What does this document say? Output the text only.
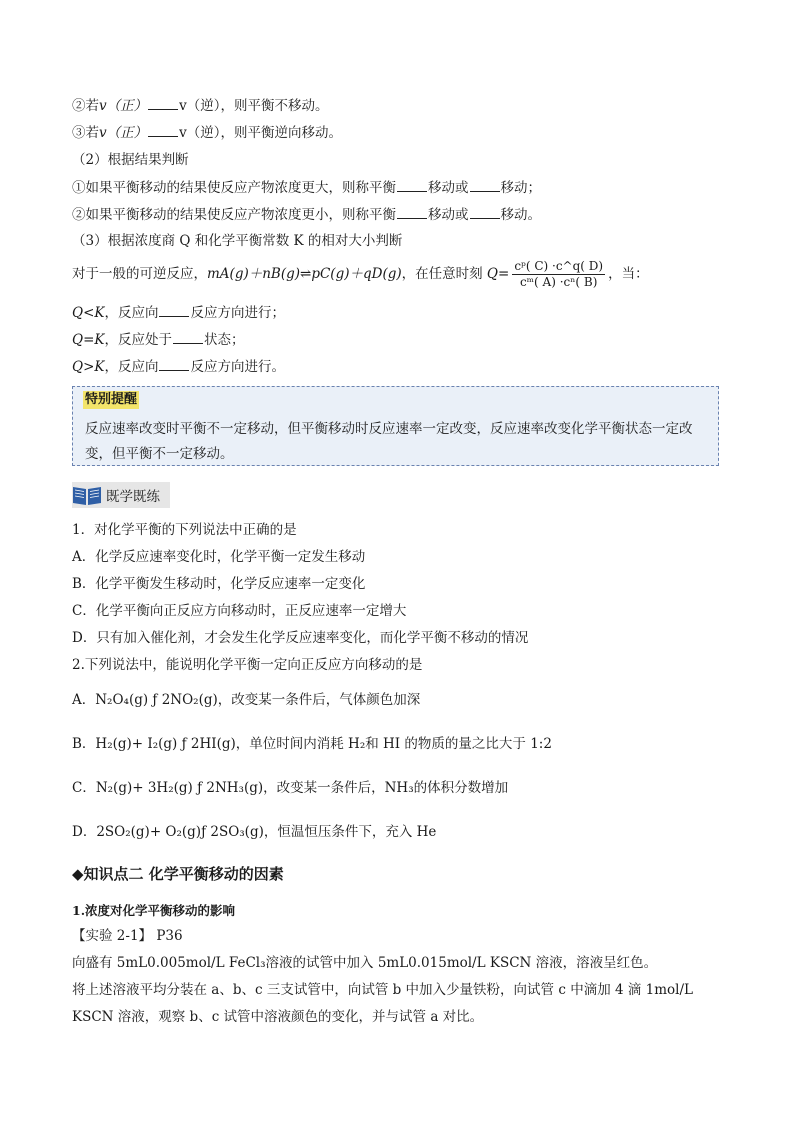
②若v（正） v（逆），则平衡不移动。
③若v（正） v（逆），则平衡逆向移动。
（2）根据结果判断
①如果平衡移动的结果使反应产物浓度更大，则称平衡 移动或 移动；
②如果平衡移动的结果使反应产物浓度更小，则称平衡 移动或 移动。
（3）根据浓度商 Q 和化学平衡常数 K 的相对大小判断
对于一般的可逆反应，mA(g)＋nB(g)⇌pC(g)＋qD(g)，在任意时刻 $Q= \frac{\text{cᵖ( C) ·c\textasciicircum{}q( D)}}{\text{cᵐ( A) ·cⁿ( B)}}$ ，当：
Q<K，反应向 反应方向进行；
Q=K，反应处于 状态；
Q>K，反应向 反应方向进行。
特别提醒
反应速率改变时平衡不一定移动，但平衡移动时反应速率一定改变，反应速率改变化学平衡状态一定改变，但平衡不一定移动。
既学既练
1．对化学平衡的下列说法中正确的是
A．化学反应速率变化时，化学平衡一定发生移动
B．化学平衡发生移动时，化学反应速率一定变化
C．化学平衡向正反应方向移动时，正反应速率一定增大
D．只有加入催化剂，才会发生化学反应速率变化，而化学平衡不移动的情况
2.下列说法中，能说明化学平衡一定向正反应方向移动的是
A．N₂O₄(g) ƒ 2NO₂(g)，改变某一条件后，气体颜色加深
B．H₂(g)+ I₂(g) ƒ 2HI(g)，单位时间内消耗 H₂和 HI 的物质的量之比大于 1:2
C．N₂(g)+ 3H₂(g) ƒ 2NH₃(g)，改变某一条件后，NH₃的体积分数增加
D．2SO₂(g)+ O₂(g)ƒ 2SO₃(g)，恒温恒压条件下，充入 He
◆知识点二 化学平衡移动的因素
1.浓度对化学平衡移动的影响
【实验 2-1】 P36
向盛有 5mL0.005mol/L FeCl₃溶液的试管中加入 5mL0.015mol/L KSCN 溶液，溶液呈红色。
将上述溶液平均分装在 a、b、c 三支试管中，向试管 b 中加入少量铁粉，向试管 c 中滴加 4 滴 1mol/L
KSCN 溶液，观察 b、c 试管中溶液颜色的变化，并与试管 a 对比。
